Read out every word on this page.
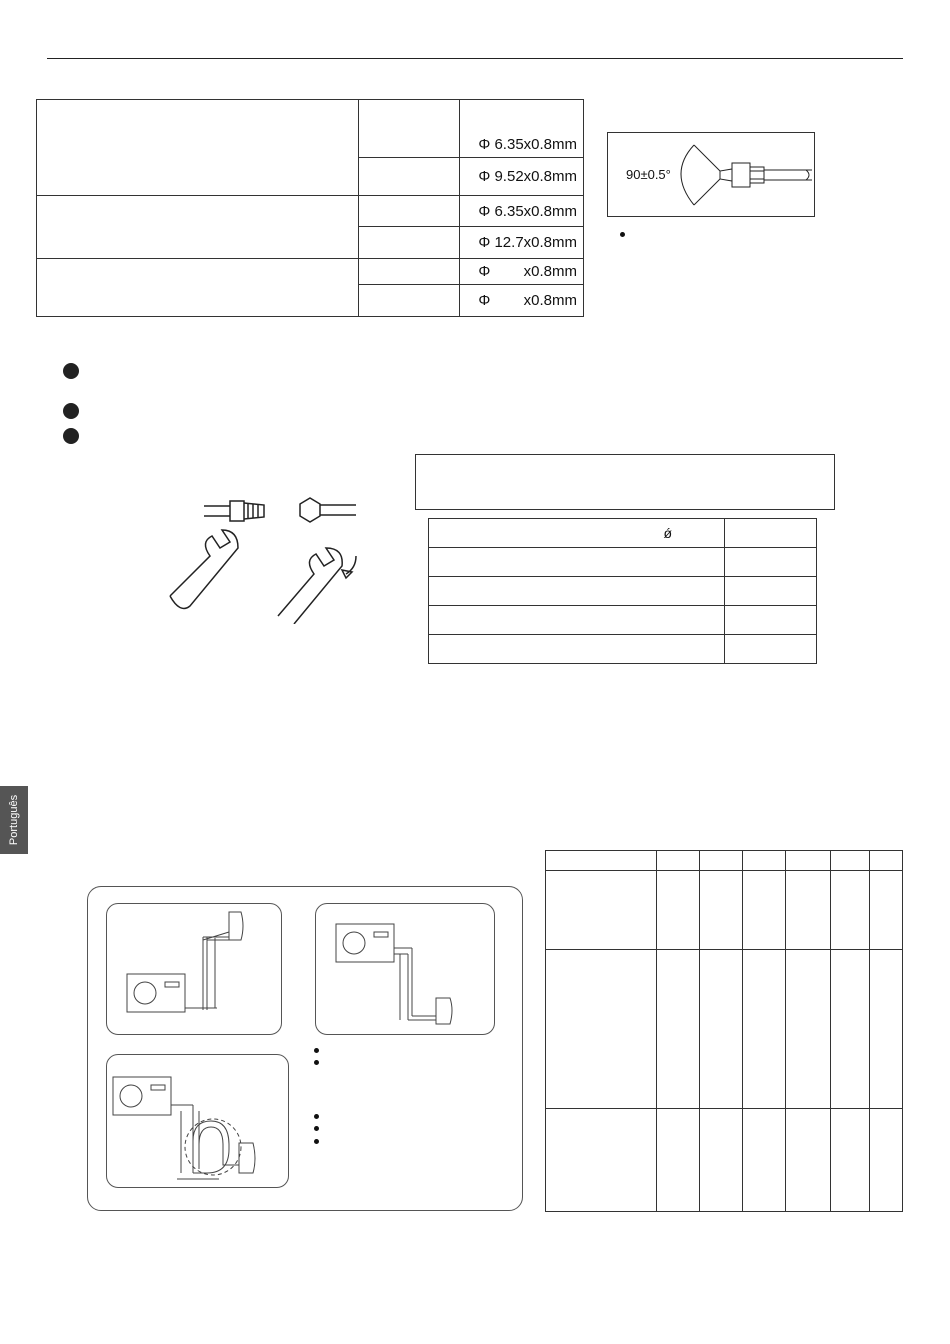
		Φ 6.35x0.8mm
		Φ 9.52x0.8mm
		Φ 6.35x0.8mm
		Φ 12.7x0.8mm
		Φ        x0.8mm
		Φ        x0.8mm
90±0.5°
ǿ	

Português
